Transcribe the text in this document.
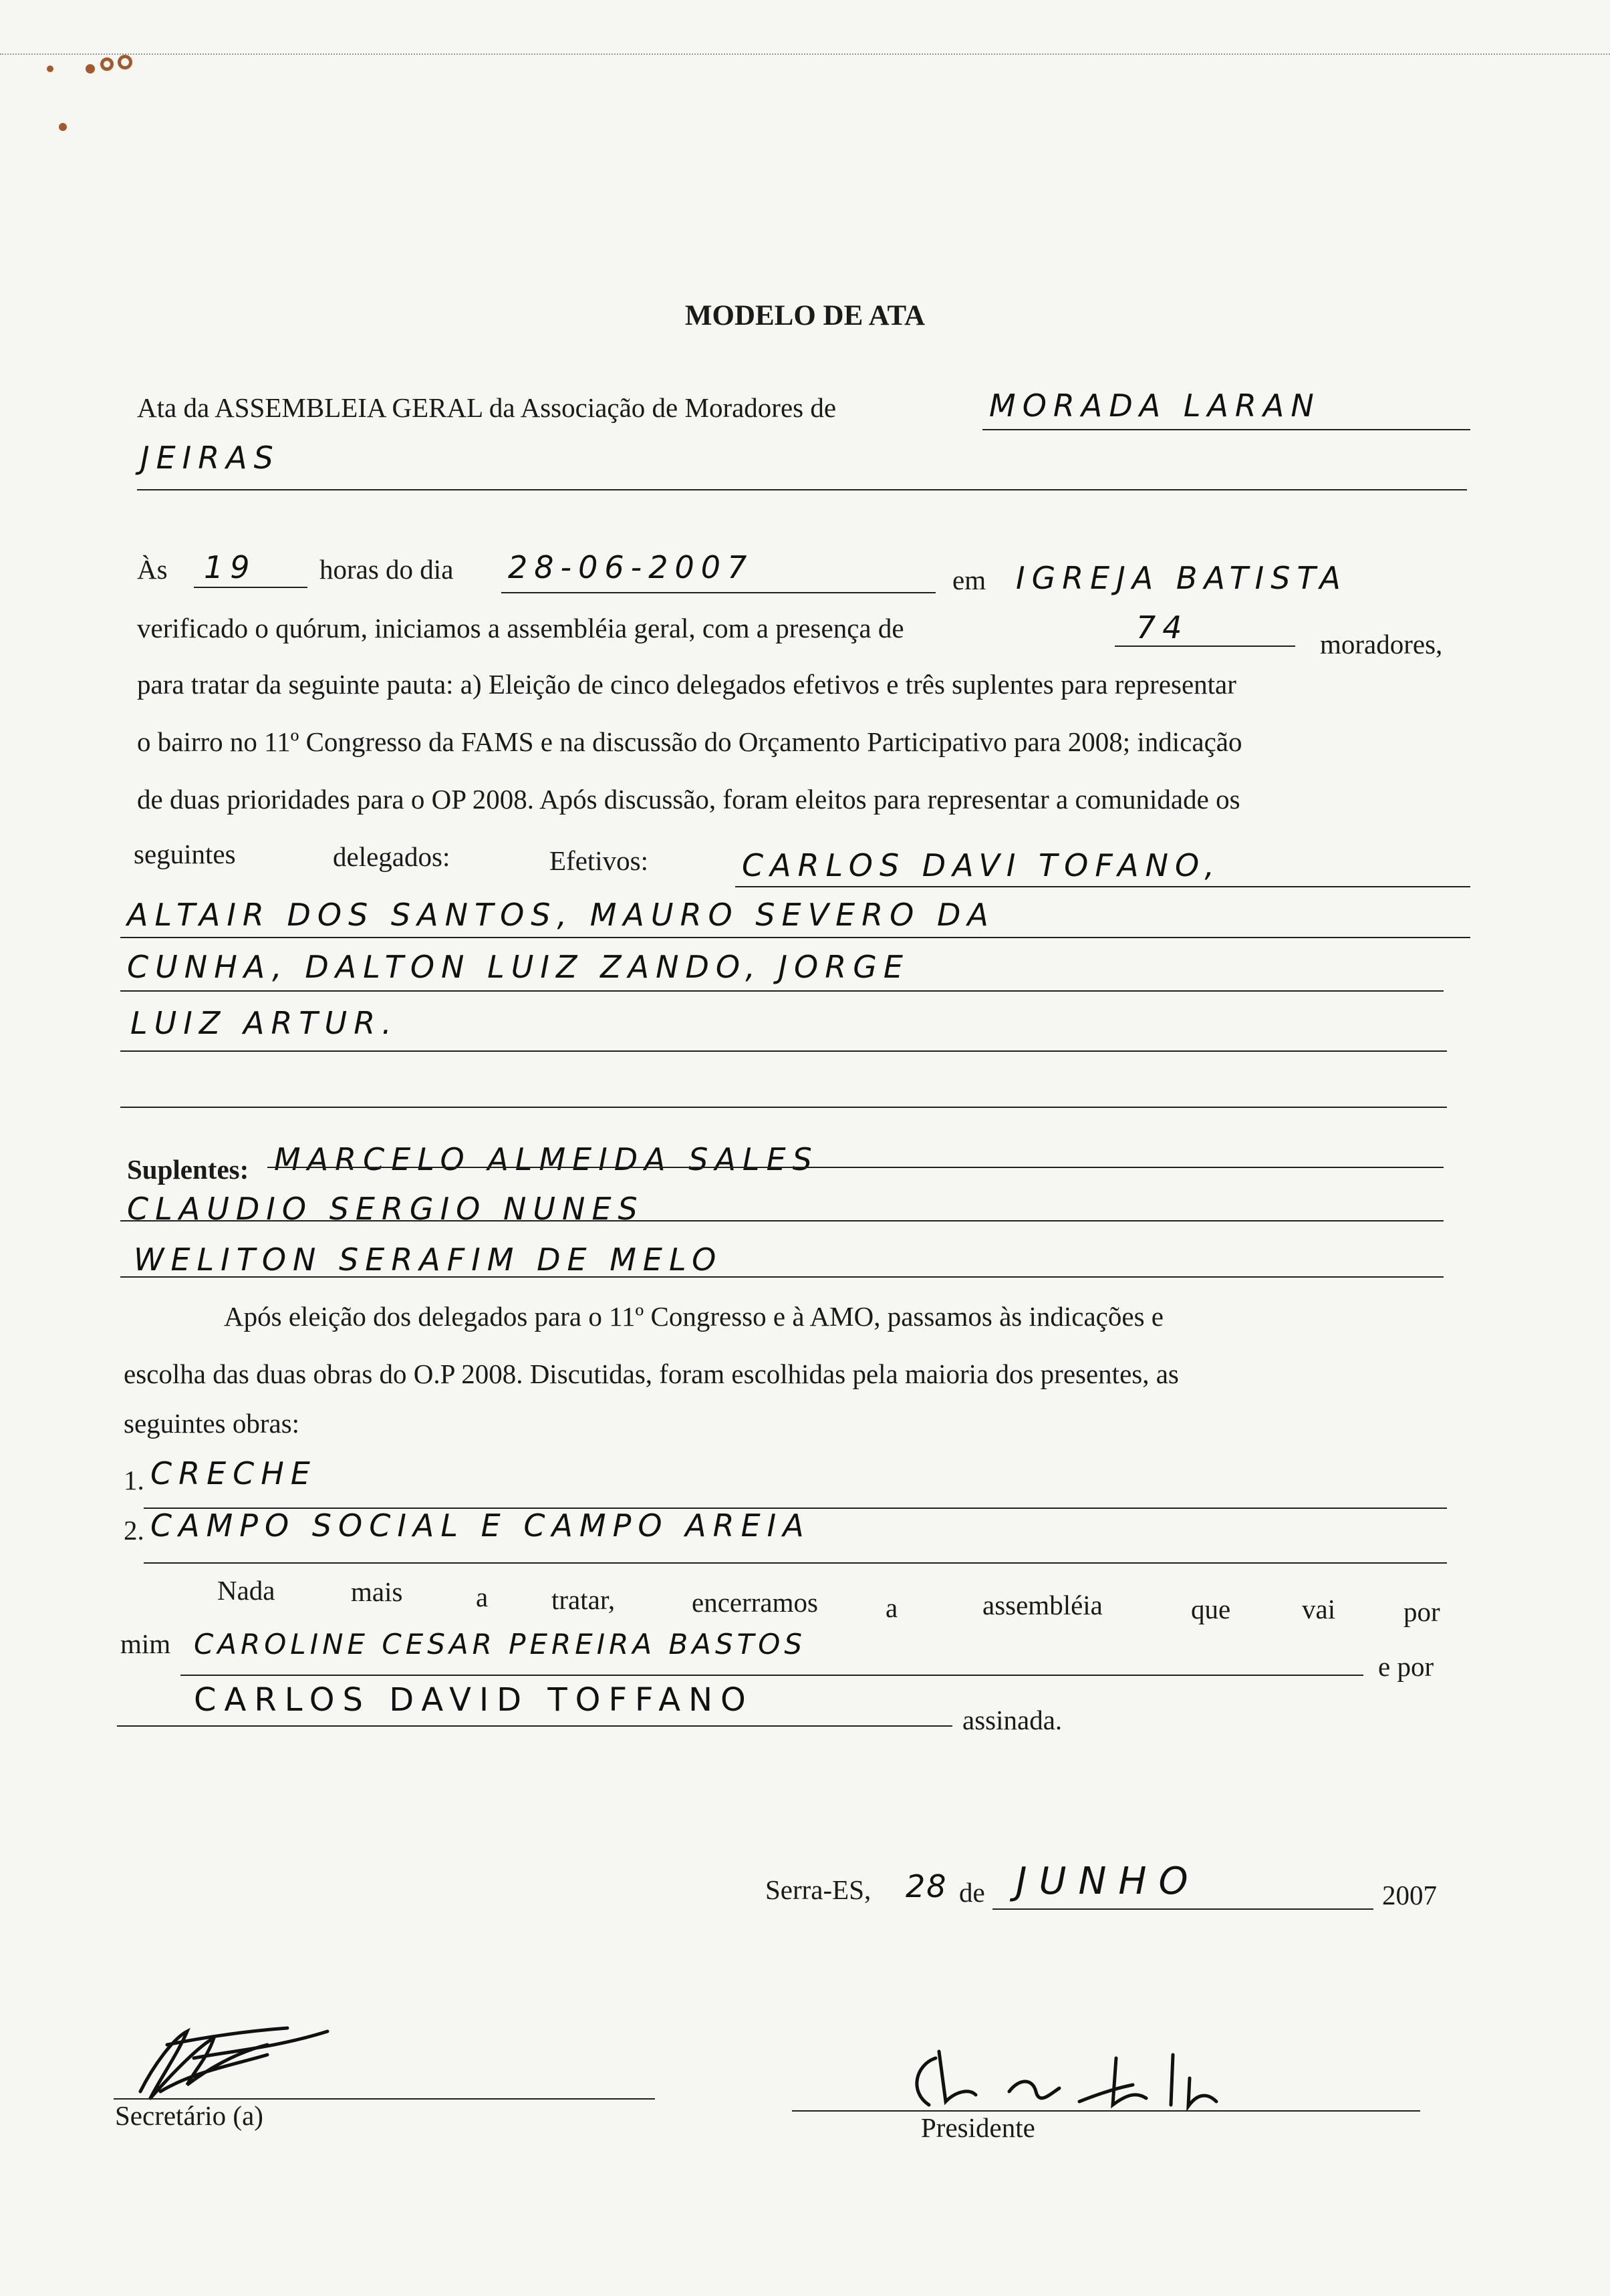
MODELO DE ATA
Ata da ASSEMBLEIA GERAL da Associação de Moradores de	MORADA LARAN
JEIRAS
Às 19 horas do dia 28-06-2007	em IGREJA BATISTA
verificado o quórum, iniciamos a assembléia geral, com a presença de	74	moradores,
para tratar da seguinte pauta: a) Eleição de cinco delegados efetivos e três suplentes para representar
o bairro no 11º Congresso da FAMS e na discussão do Orçamento Participativo para 2008; indicação
de duas prioridades para o OP 2008. Após discussão, foram eleitos para representar a comunidade os
seguintes	delegados:	Efetivos:	CARLOS DAVI TOFANO,
ALTAIR DOS SANTOS, MAURO SEVERO DA
CUNHA, DALTON LUIZ ZANDO, JORGE
LUIZ ARTUR.
Suplentes: MARCELO ALMEIDA SALES
CLAUDIO SERGIO NUNES
WELITON SERAFIM DE MELO
Após eleição dos delegados para o 11º Congresso e à AMO, passamos às indicações e
escolha das duas obras do O.P 2008. Discutidas, foram escolhidas pela maioria dos presentes, as
seguintes obras:
1. CRECHE
2. CAMPO SOCIAL E CAMPO AREIA
Nada	mais	a tratar,	encerramos a	assembléia	que	vai por
mim CAROLINE CESAR PEREIRA BASTOS
e por
CARLOS DAVID TOFFANO
assinada.
Serra-ES, 28 de JUNHO	2007
Secretário (a)	Presidente
